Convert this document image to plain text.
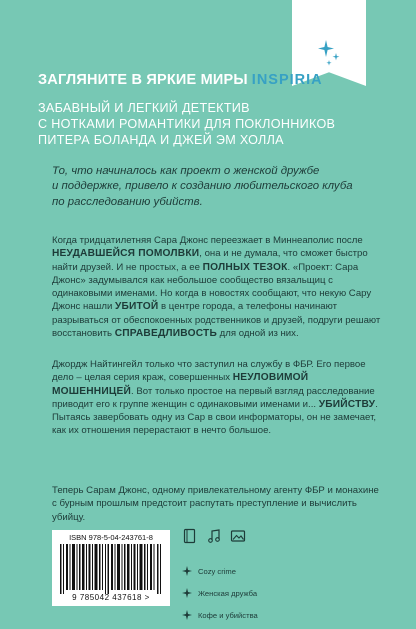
ЗАГЛЯНИТЕ В ЯРКИЕ МИРЫ INSPIRIA
ЗАБАВНЫЙ И ЛЕГКИЙ ДЕТЕКТИВ
С НОТКАМИ РОМАНТИКИ ДЛЯ ПОКЛОННИКОВ
ПИТЕРА БОЛАНДА И ДЖЕЙ ЭМ ХОЛЛА
То, что начиналось как проект о женской дружбе
и поддержке, привело к созданию любительского клуба
по расследованию убийств.
Когда тридцатилетняя Сара Джонс переезжает в Миннеаполис после НЕУДАВШЕЙСЯ ПОМОЛВКИ, она и не думала, что сможет быстро найти друзей. И не простых, а ее ПОЛНЫХ ТЕЗОК. «Проект: Сара Джонс» задумывался как небольшое сообщество вязальщиц с одинаковыми именами. Но когда в новостях сообщают, что некую Сару Джонс нашли УБИТОЙ в центре города, а телефоны начинают разрываться от обеспокоенных родственников и друзей, подруги решают восстановить СПРАВЕДЛИВОСТЬ для одной из них.
Джордж Найтингейл только что заступил на службу в ФБР. Его первое дело – целая серия краж, совершенных НЕУЛОВИМОЙ МОШЕННИЦЕЙ. Вот только простое на первый взгляд расследование приводит его к группе женщин с одинаковыми именами и... УБИЙСТВУ. Пытаясь завербовать одну из Сар в свои информаторы, он не замечает, как их отношения перерастают в нечто большое.
Теперь Сарам Джонс, одному привлекательному агенту ФБР и монахине с бурным прошлым предстоит распутать преступление и вычислить убийцу.
ISBN 978-5-04-243761-8
9 785042 437618 >
Cozy crime
Женская дружба
Кофе и убийства
